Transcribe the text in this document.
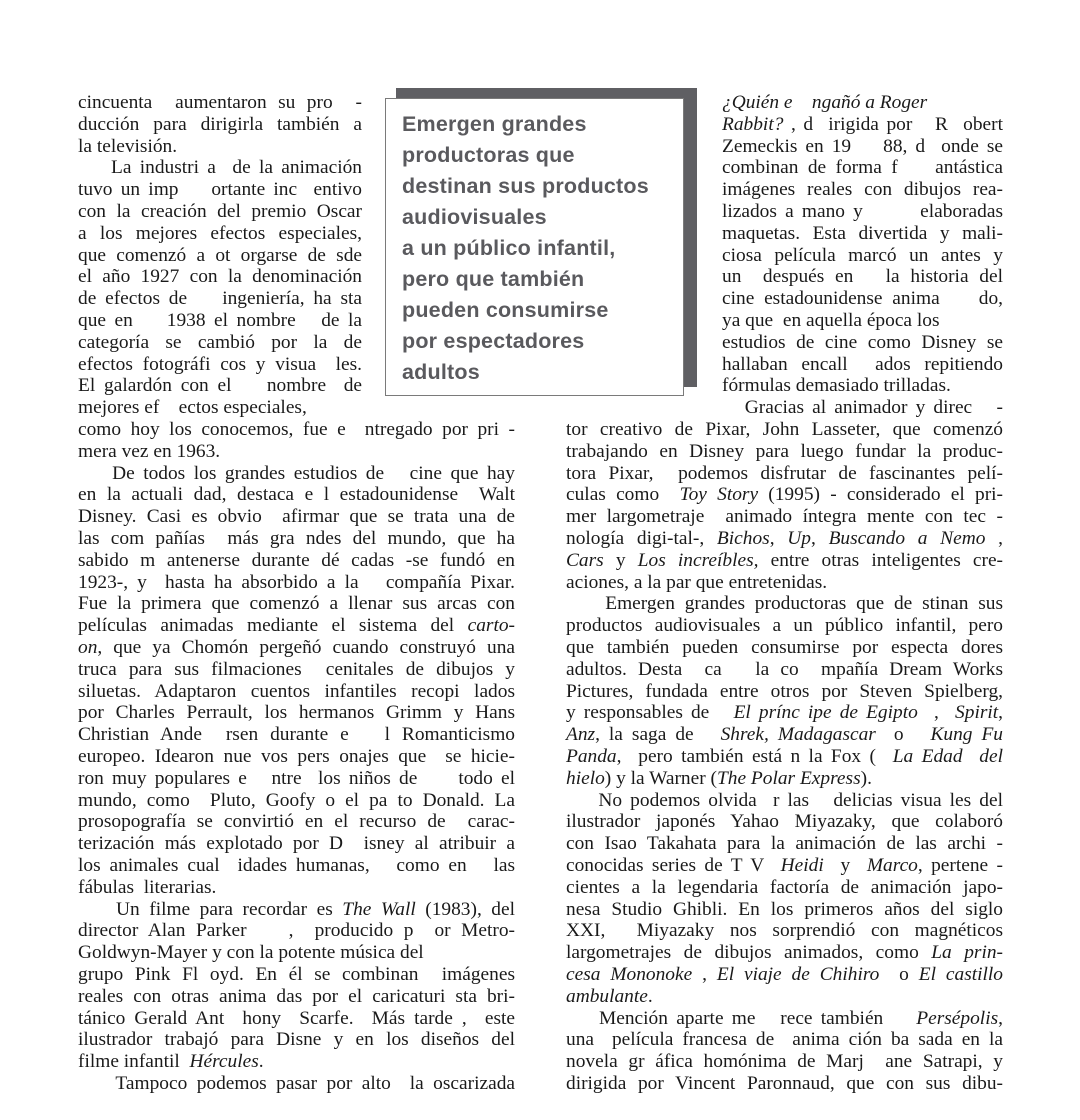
cincuenta  aumentaron su pro  -
ducción para dirigirla también a
la televisión.
La industri a  de la animación
tuvo un imp    ortante inc  entivo
con la creación del premio Oscar
a los mejores efectos especiales,
que comenzó a ot orgarse de sde
el año 1927 con la denominación
de efectos de    ingeniería, ha sta
que en    1938 el nombre   de la
categoría se cambió por la de
efectos fotográfi cos y visua  les.
El galardón con el    nombre  de
mejores ef    ectos especiales,
como hoy los conocemos, fue e  ntregado por pri -
mera vez en 1963.
De todos los grandes estudios de   cine que hay
en la actuali dad, destaca e l estadounidense  Walt
Disney. Casi es obvio  afirmar que se trata una de
las com pañías  más gra ndes del mundo, que ha
sabido m antenerse durante dé cadas -se fundó en
1923-, y  hasta ha absorbido a la   compañía Pixar.
Fue la primera que comenzó a llenar sus arcas con
películas animadas mediante el sistema del carto-
on, que ya Chomón pergeñó cuando construyó una
truca para sus filmaciones  cenitales de dibujos y
siluetas. Adaptaron cuentos infantiles recopi lados
por Charles Perrault, los hermanos Grimm y Hans
Christian Ande  rsen durante e   l Romanticismo
europeo. Idearon nue vos pers onajes que  se hicie-
ron muy populares e   ntre  los niños de     todo el
mundo, como  Pluto, Goofy o el pa to Donald. La
prosopografía se convirtió en el recurso de  carac-
terización más explotado por D  isney al atribuir a
los animales cual  idades humanas,   como en   las
fábulas  literarias.
Un filme para recordar es The Wall (1983), del
director Alan Parker    ,  producido p  or Metro-
Goldwyn-Mayer y con la potente música del
grupo Pink Fl oyd. En él se combinan  imágenes
reales con otras anima das por el caricaturi sta bri-
tánico Gerald Ant  hony  Scarfe.  Más tarde ,  este
ilustrador trabajó para Disne y en los diseños del
filme infantil  Hércules.
Tampoco podemos pasar por alto  la oscarizada
¿Quién e    ngañó a Roger
Rabbit? , d  irigida por   R  obert
Zemeckis en 19    88, d  onde se
combinan de forma f    antástica
imágenes reales con dibujos rea-
lizados a mano y       elaboradas
maquetas. Esta divertida y mali-
ciosa película marcó un antes y
un  después en   la historia del
cine estadounidense anima    do,
ya que  en aquella época los
estudios de cine como Disney se
hallaban encall  ados repitiendo
fórmulas demasiado trilladas.
Gracias al animador y direc   -
tor creativo de Pixar, John Lasseter, que comenzó
trabajando en Disney para luego fundar la produc-
tora Pixar,  podemos disfrutar de fascinantes pelí-
culas como  Toy Story (1995) - considerado el pri-
mer largometraje  animado íntegra mente con tec -
nología digi-tal-, Bichos, Up, Buscando a Nemo ,
Cars y Los increíbles, entre otras inteligentes cre-
aciones, a la par que entretenidas.
Emergen grandes productoras que de stinan sus
productos audiovisuales a un público infantil, pero
que también pueden consumirse por especta dores
adultos. Desta  ca   la co  mpañía Dream Works
Pictures, fundada entre otros por Steven Spielberg,
y responsables de   El prínc ipe de Egipto  ,  Spirit,
Anz, la saga de   Shrek, Madagascar  o   Kung Fu
Panda,  pero también está n la Fox (  La Edad  del
hielo) y la Warner (The Polar Express).
No podemos olvida  r las   delicias visua les del
ilustrador japonés Yahao Miyazaky, que colaboró
con Isao Takahata para la animación de las archi -
conocidas series de T V  Heidi  y  Marco, pertene -
cientes a la legendaria factoría de animación japo-
nesa Studio Ghibli. En los primeros años del siglo
XXI,  Miyazaky nos sorprendió con magnéticos
largometrajes de dibujos animados, como La prin-
cesa Mononoke , El viaje de Chihiro  o El castillo
ambulante.
Mención aparte me   rece también    Persépolis,
una  película francesa de  anima ción ba sada en la
novela gr áfica homónima de Marj  ane Satrapi, y
dirigida por Vincent Paronnaud, que con sus dibu-
Emergen grandes
productoras que
destinan sus productos
audiovisuales
a un público infantil,
pero que también
pueden consumirse
por espectadores
adultos
